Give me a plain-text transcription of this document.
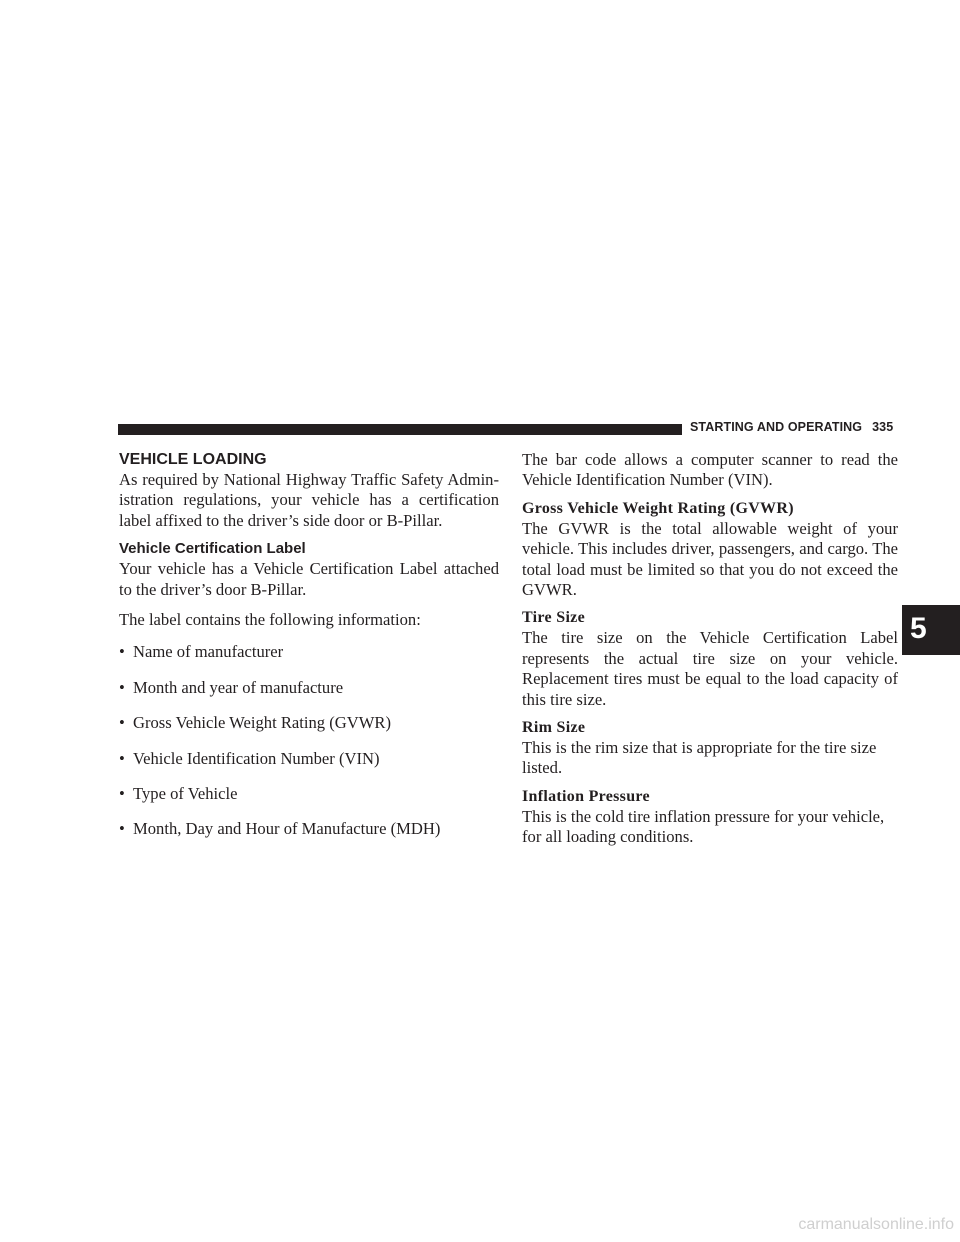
STARTING AND OPERATING 335
VEHICLE LOADING

As required by National Highway Traffic Safety Admin-istration regulations, your vehicle has a certification label affixed to the driver’s side door or B-Pillar.

Vehicle Certification Label

Your vehicle has a Vehicle Certification Label attached to the driver’s door B-Pillar.

The label contains the following information:

• Name of manufacturer
• Month and year of manufacture
• Gross Vehicle Weight Rating (GVWR)
• Vehicle Identification Number (VIN)
• Type of Vehicle
• Month, Day and Hour of Manufacture (MDH)

The bar code allows a computer scanner to read the Vehicle Identification Number (VIN).

Gross Vehicle Weight Rating (GVWR)

The GVWR is the total allowable weight of your vehicle. This includes driver, passengers, and cargo. The total load must be limited so that you do not exceed the GVWR.

Tire Size

The tire size on the Vehicle Certification Label represents the actual tire size on your vehicle. Replacement tires must be equal to the load capacity of this tire size.

Rim Size

This is the rim size that is appropriate for the tire size listed.

Inflation Pressure

This is the cold tire inflation pressure for your vehicle, for all loading conditions.

5
carmanualsonline.info
